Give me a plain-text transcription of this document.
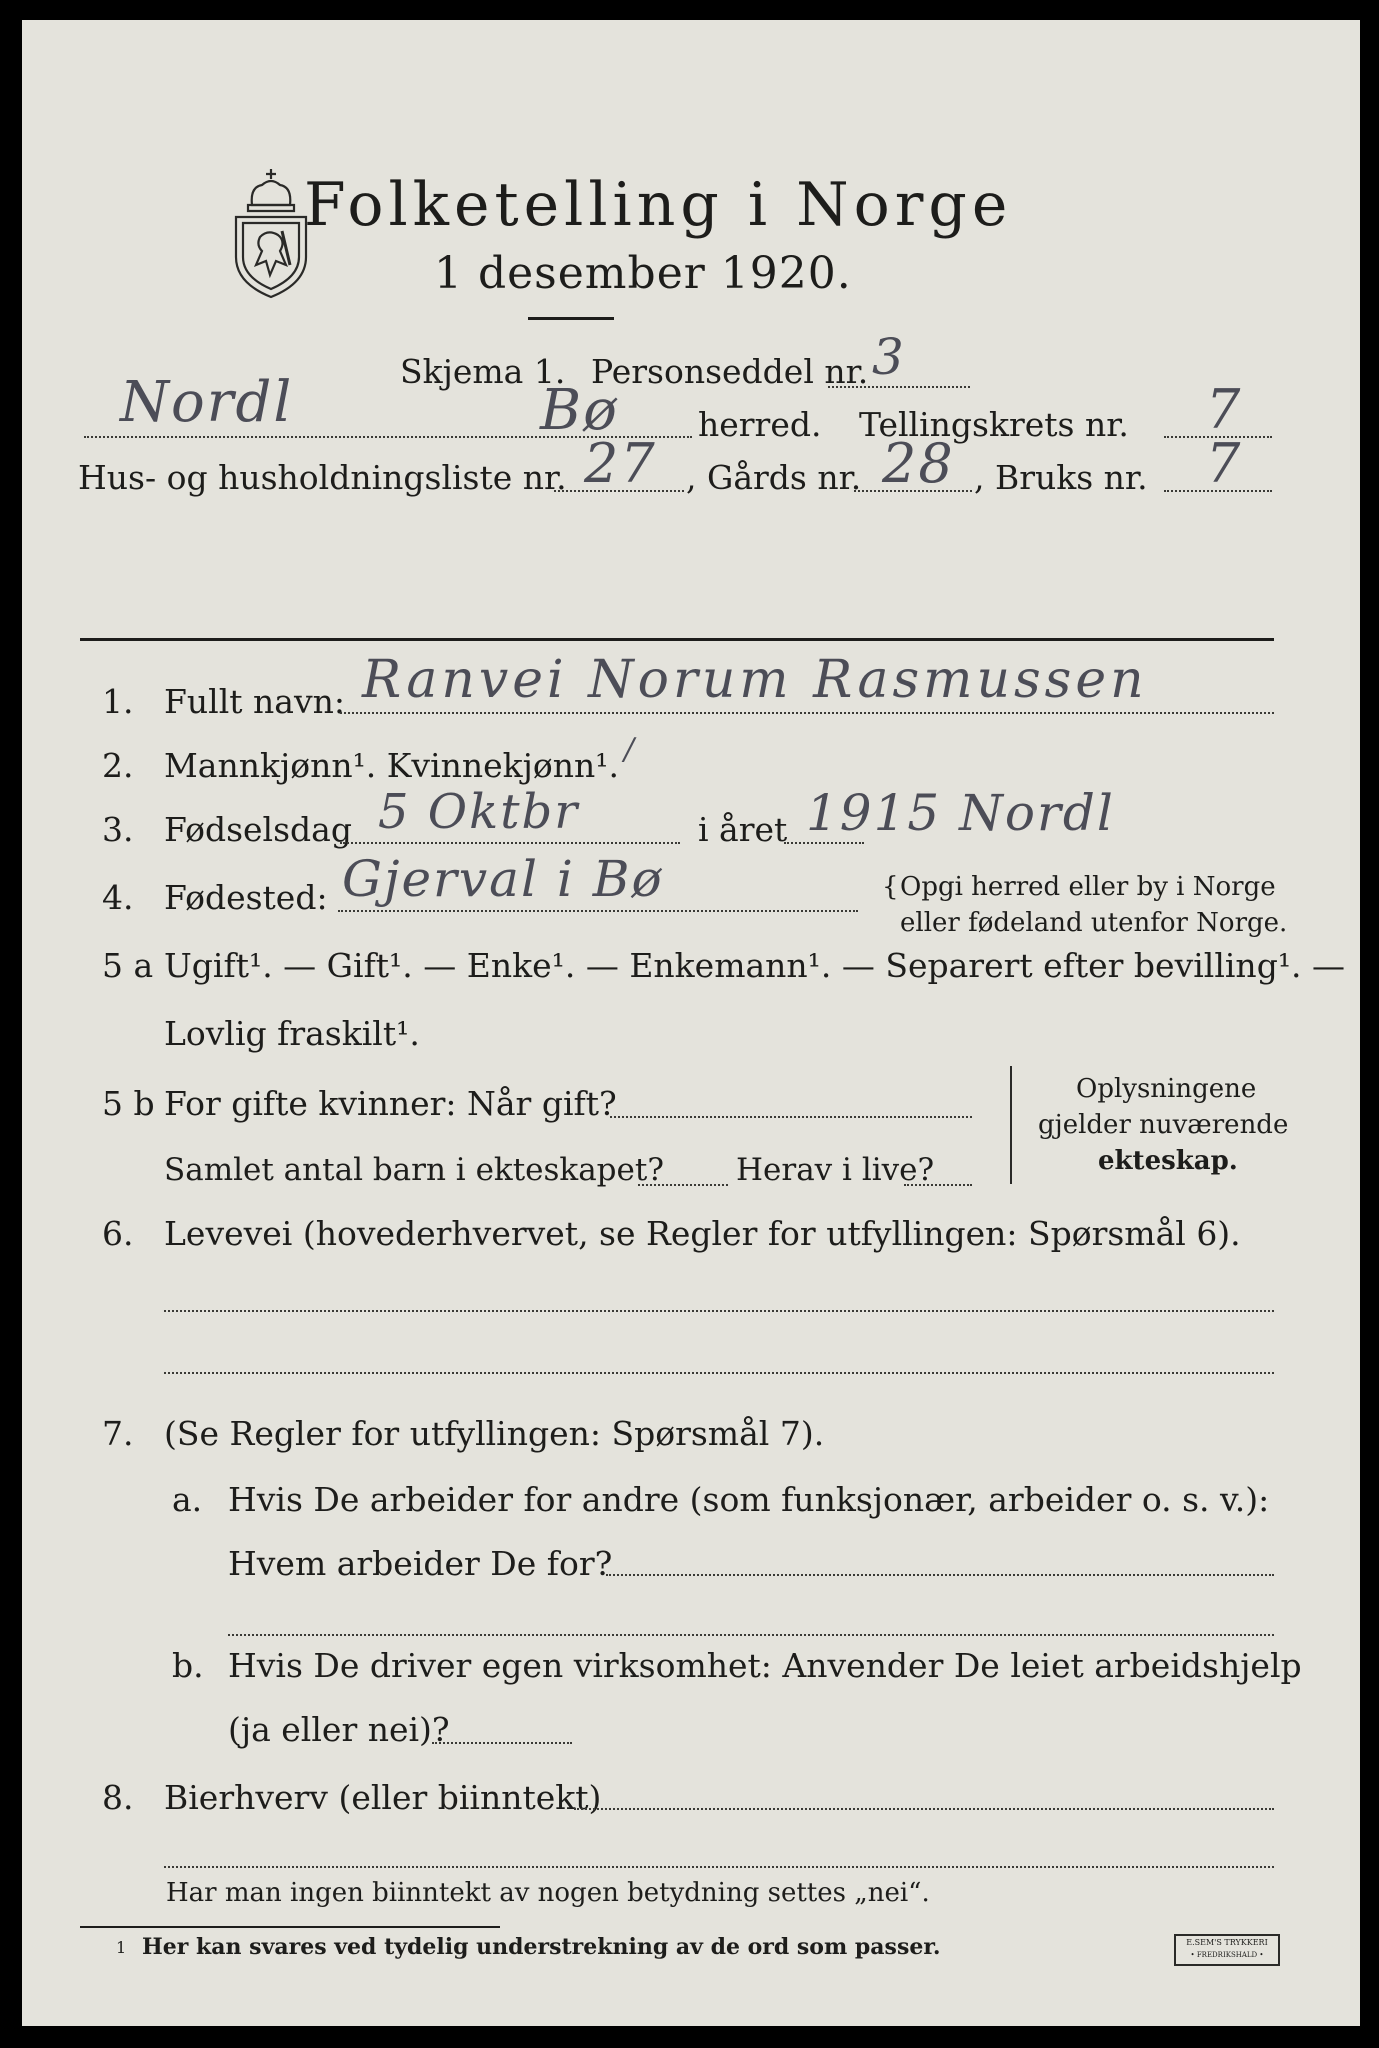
Folketelling i Norge
1 desember 1920.
Skjema 1. Personseddel nr. 3
Nordl	Bø herred. Tellingskrets nr. 7
Hus- og husholdningsliste nr. 27 , Gårds nr. 28 , Bruks nr. 7
1. Fullt navn: Ranvei Norum Rasmussen
2. Mannkjønn¹. Kvinnekjønn¹. /
3. Fødselsdag 5 Oktbr	i året 1915 Nordl
4. Fødested: Gjerval i Bø	{ Opgi herred eller by i Norge
eller fødeland utenfor Norge.
5 a Ugift¹. — Gift¹. — Enke¹. — Enkemann¹. — Separert efter bevilling¹. —
Lovlig fraskilt¹.
5 b For gifte kvinner: Når gift?
Samlet antal barn i ekteskapet? Herav i live?
Oplysningene
gjelder nuværende
ekteskap.
6. Levevei (hovederhvervet, se Regler for utfyllingen: Spørsmål 6).
7. (Se Regler for utfyllingen: Spørsmål 7).
a. Hvis De arbeider for andre (som funksjonær, arbeider o. s. v.):
Hvem arbeider De for?
b. Hvis De driver egen virksomhet: Anvender De leiet arbeidshjelp
(ja eller nei)?
8. Bierhverv (eller biinntekt)
Har man ingen biinntekt av nogen betydning settes „nei“.
1 Her kan svares ved tydelig understrekning av de ord som passer.	E.SEM'S TRYKKERI
• FREDRIKSHALD •
